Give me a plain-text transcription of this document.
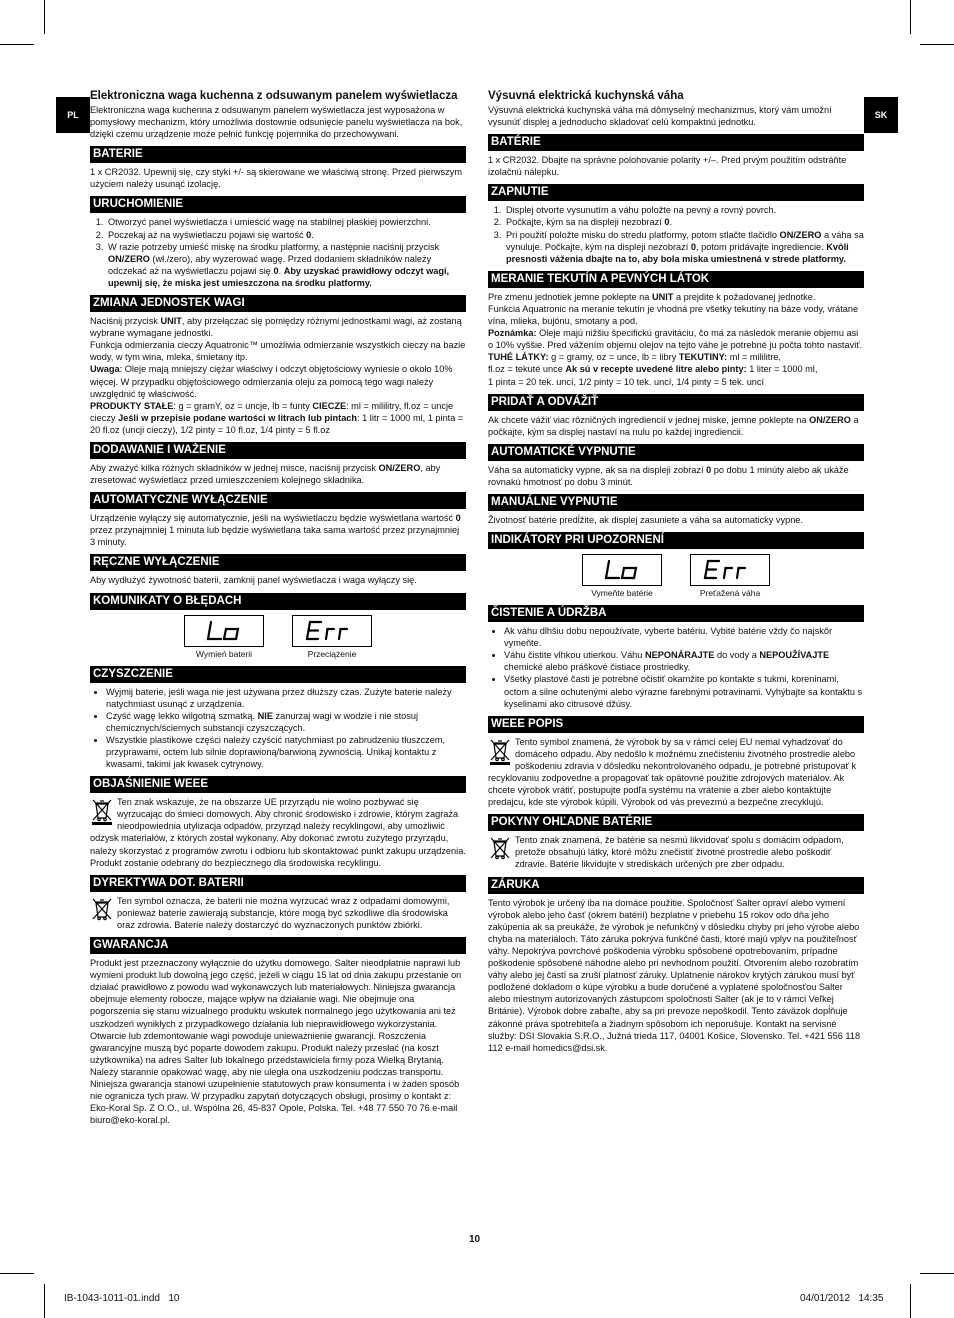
PL	SK
Elektroniczna waga kuchenna z odsuwanym panelem wyświetlacza

Elektroniczna waga kuchenna z odsuwanym panelem wyświetlacza jest wyposażona w pomysłowy mechanizm, który umożliwia dostownie odsunięcie panelu wyświetlacza na bok, dzięki czemu urządzenie może pełnić funkcję pojemnika do przechowywani.

BATERIE

1 x CR2032. Upewnij się, czy styki +/- są skierowane we właściwą stronę. Przed pierwszym użyciem należy usunąć izolację.

URUCHOMIENIE
1. Otworzyć panel wyświetlacza i umieścić wagę na stabilnej płaskiej powierzchni.
2. Poczekaj aż na wyświetlaczu pojawi się wartość 0.
3. W razie potrzeby umieść miskę na środku platformy, a następnie naciśnij przycisk ON/ZERO (wł./zero), aby wyzerować wagę. Przed dodaniem składników należy odczekać aż na wyświetlaczu pojawi się 0. Aby uzyskać prawidłowy odczyt wagi, upewnij się, że miska jest umieszczona na środku platformy.
ZMIANA JEDNOSTEK WAGI

Naciśnij przycisk UNIT, aby przełączać się pomiędzy różnymi jednostkami wagi, aż zostaną wybrane wymagane jednostki.

Funkcja odmierzania cieczy Aquatronic™ umożliwia odmierzanie wszystkich cieczy na bazie wody, w tym wina, mleka, śmietany itp.

Uwaga: Oleje mają mniejszy ciężar właściwy i odczyt objętościowy wyniesie o około 10% więcej. W przypadku objętościowego odmierzania oleju za pomocą tego wagi należy uwzględnić tę właściwość.

PRODUKTY STAŁE: g = gramY, oz = uncje, lb = funty CIECZE: ml = mililitry, fl.oz = uncje cieczy Jeśli w przepisie podane wartości w litrach lub pintach: 1 litr = 1000 ml, 1 pinta = 20 fl.oz (uncji cieczy), 1/2 pinty = 10 fl.oz, 1/4 pinty = 5 fl.oz

DODAWANIE I WAŻENIE

Aby zważyć kilka różnych składników w jednej misce, naciśnij przycisk ON/ZERO, aby zresetować wyświetlacz przed umieszczeniem kolejnego składnika.

AUTOMATYCZNE WYŁĄCZENIE

Urządzenie wyłączy się automatycznie, jeśli na wyświetlaczu będzie wyświetlana wartość 0 przez przynajmniej 1 minuta lub będzie wyświetlana taka sama wartość przez przynajmniej 3 minuty.

RĘCZNE WYŁĄCZENIE

Aby wydłużyć żywotność baterii, zamknij panel wyświetlacza i waga wyłączy się.

KOMUNIKATY O BŁĘDACH
Wymień baterii	Przeciążenie
CZYSZCZENIE
• Wyjmij baterie, jeśli waga nie jest używana przez dłuższy czas. Zużyte baterie należy natychmiast usunąć z urządzenia.
• Czyść wagę lekko wilgotną szmatką. NIE zanurzaj wagi w wodzie i nie stosuj chemicznych/ściernych substancji czyszczących.
• Wszystkie plastikowe części należy czyścić natychmiast po zabrudzeniu tłuszczem, przyprawami, octem lub silnie doprawioną/barwioną żywnością. Unikaj kontaktu z kwasami, takimi jak kwasek cytrynowy.
OBJAŚNIENIE WEEE
Ten znak wskazuje, że na obszarze UE przyrządu nie wolno pozbywać się wyrzucając do śmieci domowych. Aby chronić środowisko i zdrowie, którym zagraża nieodpowiednia utylizacja odpadów, przyrząd należy recyklingowi, aby umożliwić odzysk materiałów, z których został wykonany. Aby dokonać zwrotu zużytego przyrządu, należy skorzystać z programów zwrotu i odbioru lub skontaktować punkt zakupu urządzenia. Produkt zostanie odebrany do bezpiecznego dla środowiska recyklingu.
DYREKTYWA DOT. BATERII
Ten symbol oznacza, że baterii nie można wyrzucać wraz z odpadami domowymi, ponieważ baterie zawierają substancje, które mogą być szkodliwe dla środowiska oraz zdrowia. Baterie należy dostarczyć do wyznaczonych punktów zbiórki.
GWARANCJA

Produkt jest przeznaczony wyłącznie do użytku domowego. Salter nieodpłatnie naprawi lub wymieni produkt lub dowolną jego część, jeżeli w ciągu 15 lat od dnia zakupu przestanie on działać prawidłowo z powodu wad wykonawczych lub materiałowych. Niniejsza gwarancja obejmuje elementy robocze, mające wpływ na działanie wagi. Nie obejmuje ona pogorszenia się stanu wizualnego produktu wskutek normalnego jego użytkowania ani też uszkodzeń wynikłych z przypadkowego działania lub nieprawidłowego wykorzystania. Otwarcie lub zdemontowanie wagi powoduje unieważnienie gwarancji. Roszczenia gwarancyjne muszą być poparte dowodem zakupu. Produkt należy przesłać (na koszt użytkownika) na adres Salter lub lokalnego przedstawiciela firmy poza Wielką Brytanią. Należy starannie opakować wagę, aby nie uległa ona uszkodzeniu podczas transportu. Niniejsza gwarancja stanowi uzupełnienie statutowych praw konsumenta i w żaden sposób nie ogranicza tych praw. W przypadku zapytań dotyczących obsługi, prosimy o kontakt z: Eko-Koral Sp. Z O.O., ul. Wspólna 26, 45-837 Opole, Polska. Tel. +48 77 550 70 76 e-mail biuro@eko-koral.pl.

Výsuvná elektrická kuchynská váha

Výsuvná elektrická kuchynská váha má dômyselný mechanizmus, ktorý vám umožní vysunúť displej a jednoducho skladovať celú kompaktnú jednotku.

BATÉRIE

1 x CR2032. Dbajte na správne polohovanie polarity +/–. Pred prvým použitím odstráňte izolačnú nálepku.

ZAPNUTIE
1. Displej otvorte vysunutím a váhu položte na pevný a rovný povrch.
2. Počkajte, kým sa na displeji nezobrazí 0.
3. Pri použití položte misku do stredu platformy, potom stlačte tlačidlo ON/ZERO a váha sa vynuluje. Počkajte, kým na displeji nezobrazí 0, potom pridávajte ingrediencie. Kvôli presnosti váženia dbajte na to, aby bola miska umiestnená v strede platformy.
MERANIE TEKUTÍN A PEVNÝCH LÁTOK

Pre zmenu jednotiek jemne poklepte na UNIT a prejdite k požadovanej jednotke.

Funkcia Aquatronic na meranie tekutín je vhodná pre všetky tekutiny na báze vody, vrátane vína, mlieka, bujónu, smotany a pod.

Poznámka: Oleje majú nižšiu špecifickú gravitáciu, čo má za následok meranie objemu asi o 10% vyššie. Pred vážením objemu olejov na tejto váhe je potrebné ju počta tohto nastaviť.

TUHÉ LÁTKY: g = gramy, oz = unce, lb = libry TEKUTINY: ml = mililitre,

fl.oz = tekuté unce Ak sú v recepte uvedené litre alebo pinty: 1 liter = 1000 ml,

1 pinta = 20 tek. uncí, 1/2 pinty = 10 tek. uncí, 1/4 pinty = 5 tek. uncí

PRIDAŤ A ODVÁŽIŤ

Ak chcete vážiť viac rôzničných ingrediencií v jednej miske, jemne poklepte na ON/ZERO a počkajte, kým sa displej nastaví na nulu po každej ingrediencii.

AUTOMATICKÉ VYPNUTIE

Váha sa automaticky vypne, ak sa na displeji zobrazí 0 po dobu 1 minúty alebo ak ukáže rovnakú hmotnosť po dobu 3 minút.

MANUÁLNE VYPNUTIE

Životnosť batérie predĺžite, ak displej zasuniete a váha sa automaticky vypne.

INDIKÁTORY PRI UPOZORNENÍ
Vymeňte batérie	Preťažená váha
ČISTENIE A ÚDRŽBA
• Ak váhu dlhšiu dobu nepoužívate, vyberte batériu. Vybité batérie vždy čo najskôr vymeňte.
• Váhu čistite vlhkou utierkou. Váhu NEPONÁRAJTE do vody a NEPOUŽÍVAJTE chemické alebo práškové čistiace prostriedky.
• Všetky plastové časti je potrebné očistiť okamžite po kontakte s tukmi, koreninami, octom a silne ochutenými alebo výrazne farebnými potravinami. Vyhýbajte sa kontaktu s kyselinami ako citrusové džúsy.
WEEE POPIS
Tento symbol znamená, že výrobok by sa v rámci celej EU nemal vyhadzovať do domáceho odpadu. Aby nedošlo k možnému znečisteniu životného prostredie alebo poškodeniu zdravia v dôsledku nekontrolovaného odpadu, je potrebné pristupovať k recyklovaniu zodpovedne a propagovať tak opätovné použitie zdrojových materiálov. Ak chcete výrobok vrátiť, postupujte podľa systému na vrátenie a zber alebo kontaktujte predajcu, kde ste výrobok kúpili. Výrobok od vás prevezmú a bezpečne zrecyklujú.
POKYNY OHĽADNE BATÉRIE
Tento znak znamená, že batérie sa nesmú likvidovať spolu s domácim odpadom, pretože obsahujú látky, ktoré môžu znečistiť životné prostredie alebo poškodiť zdravie. Batérie likvidujte v strediskách určených pre zber odpadu.
ZÁRUKA

Tento výrobok je určený iba na domáce použitie. Spoločnosť Salter opraví alebo vymení výrobok alebo jeho časť (okrem batérií) bezplatne v priebehu 15 rokov odo dňa jeho zakúpenia ak sa preukáže, že výrobok je nefunkčný v dôsledku chyby pri jeho výrobe alebo chyba na materiáloch. Táto záruka pokrýva funkčné časti, ktoré majú vplyv na použiteľnosť váhy. Nepokrýva povrchové poškodenia výrobku spôsobené opotrebovaním, prípadne poškodenie spôsobené náhodne alebo pri nevhodnom použití. Otvorením alebo rozobratím váhy alebo jej častí sa zruší platnosť záruky. Uplatnenie nárokov krytých zárukou musí byť podložené dokladom o kúpe výrobku a bude doručené a vyplatené spoločnosťou Salter alebo miestnym autorizovaných zástupcom spoločnosti Salter (ak je to v rámci Veľkej Británie). Výrobok dobre zabaľte, aby sa pri prevoze nepoškodil. Tento záväzok dopĺňuje zákonné práva spotrebiteľa a žiadnym spôsobom ich neporušuje. Kontakt na servisné služby: DSI Slovakia S.R.O., Južná trieda 117, 04001 Košice, Slovensko. Tel. +421 556 118 112 e-mail homedics@dsi.sk.

10
IB-1043-1011-01.indd   10	04/01/2012   14:35
